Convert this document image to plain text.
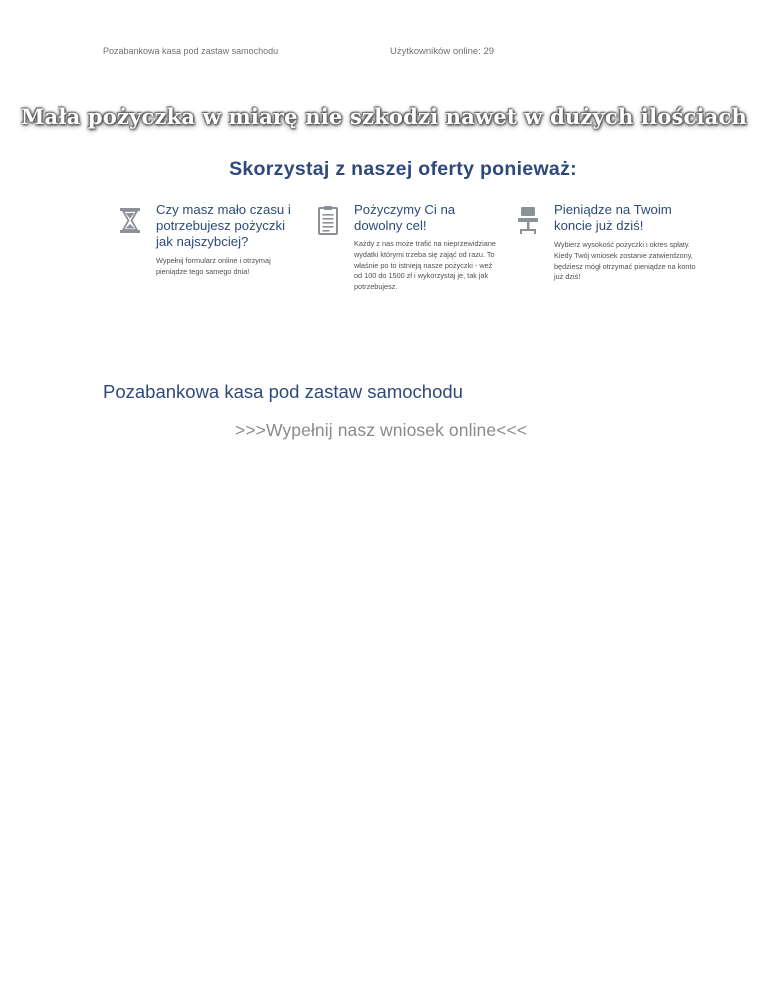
Pozabankowa kasa pod zastaw samochodu	Użytkowników online: 29
Mała pożyczka w miarę nie szkodzi nawet w dużych ilościach
Skorzystaj z naszej oferty ponieważ:
Czy masz mało czasu i potrzebujesz pożyczki jak najszybciej?
Wypełnij formularz online i otrzymaj pieniądze tego samego dnia!
Pożyczymy Ci na dowolny cel!
Każdy z nas może trafić na nieprzewidziane wydatki którymi trzeba się zająć od razu. To właśnie po to istnieją nasze pożyczki - weź od 100 do 1500 zł i wykorzystaj je, tak jak potrzebujesz.
Pieniądze na Twoim koncie już dziś!
Wybierz wysokość pożyczki i okres spłaty. Kiedy Twój wniosek zostanie zatwierdzony, będziesz mógł otrzymać pieniądze na konto już dziś!
Pozabankowa kasa pod zastaw samochodu
>>>Wypełnij nasz wniosek online<<<
